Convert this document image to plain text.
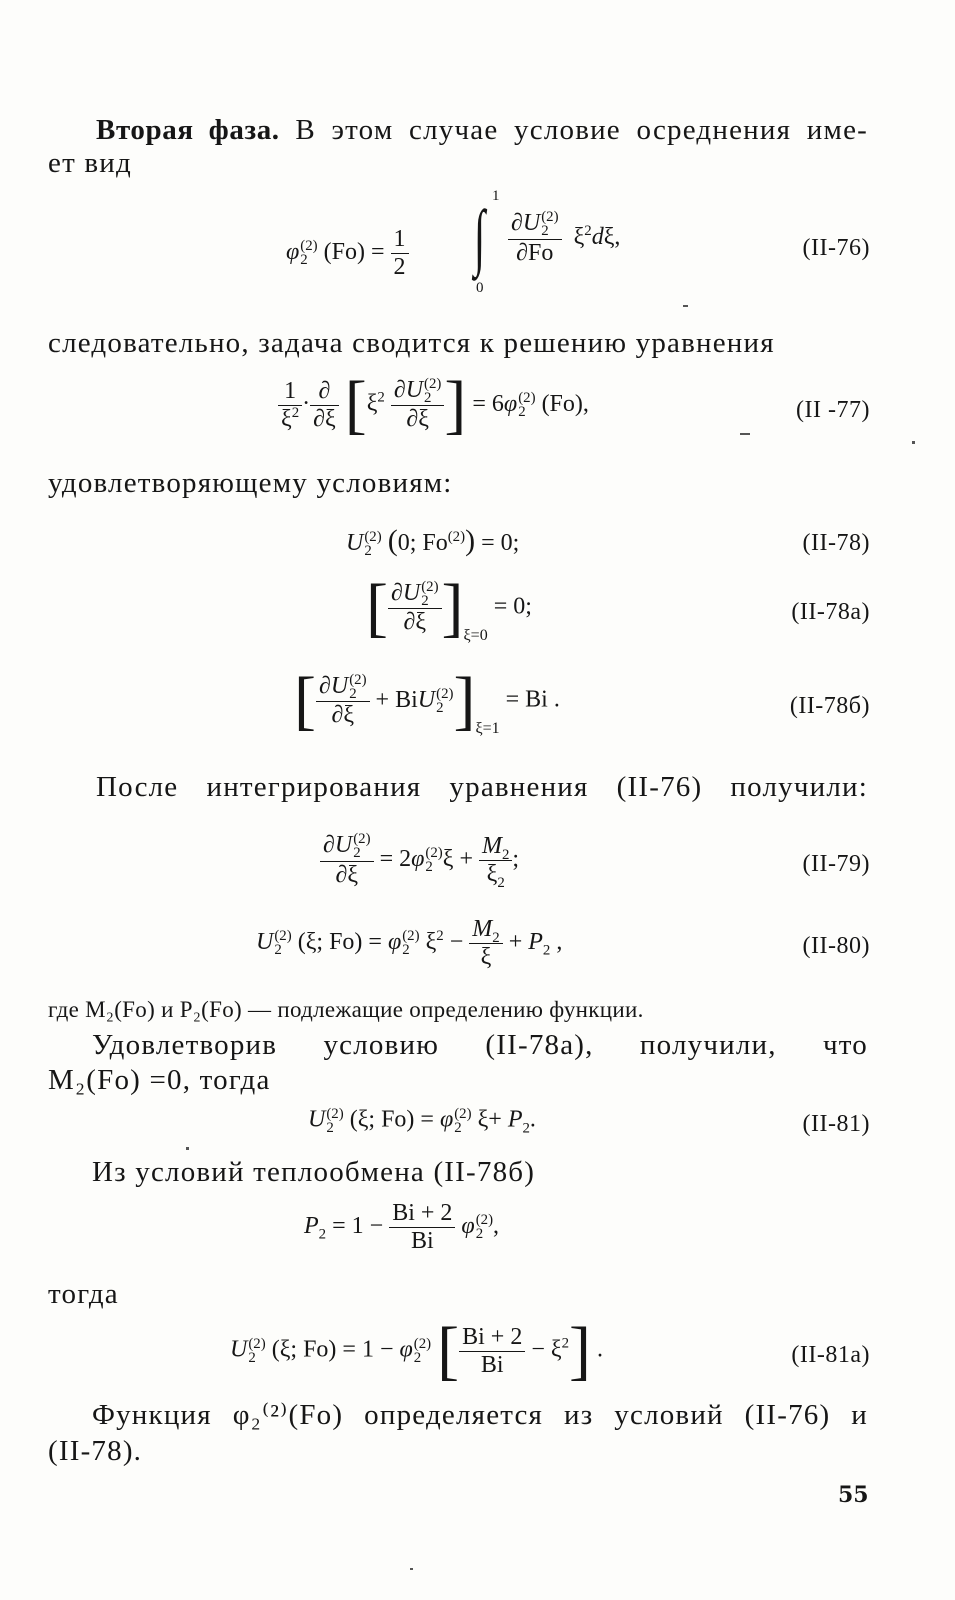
Вторая фаза. В этом случае условие осреднения име-
ет вид
φ (2)
2 $(Fo) = \frac{1}{2}$
1
∫
0
∂U (2)
2
∂Fo $\xi^2d\xi$,	(II-76)
следовательно, задача сводится к решению уравнения
$\frac{1}{\xi^2} \cdot \frac{\partial}{\partial\xi} [\xi^2$ ∂U (2)
2
∂ξ ] = 6φ (2)
2 (Fo),	(II -77)
удовлетворяющему условиям:
U (2)
2 (0; $Fo^{(2)}) = 0$;	(II-78)
[ ∂U (2)
2
∂ξ ]$_{\xi=0} = 0$;	(II-78a)
[ ∂U (2)
2
∂ξ + BiU (2)
2 ]$_{\xi=1} = Bi$ .	(II-78б)
После интегрирования уравнения (II-76) получили:
∂U (2)
2
∂ξ = 2φ (2)
2 $\xi + \frac{M_2}{\xi_2}$ ;	(II-79)
U (2)
2 (ξ; Fo) = φ (2)
2 $\xi^2 - \frac{M_2}{\xi} + P_2$ ,	(II-80)
где M₂(Fo) и P₂(Fo) — подлежащие определению функции.
Удовлетворив условию (II-78a), получили, что
M₂(Fo) =0, тогда
U (2)
2 (ξ; Fo) = φ (2)
2 $\xi+ P_2$.	(II-81)
Из условий теплообмена (II-78б)
$P_2 = 1 - \frac{Bi + 2}{Bi}$ φ (2)
2 ,
тогда
U (2)
2 (ξ; Fo) = 1 − φ (2)
2 [ $\frac{Bi + 2}{Bi} - \xi^2$] .	(II-81a)
Функция φ₂⁽²⁾(Fo) определяется из условий (II-76) и
(II-78).
55
